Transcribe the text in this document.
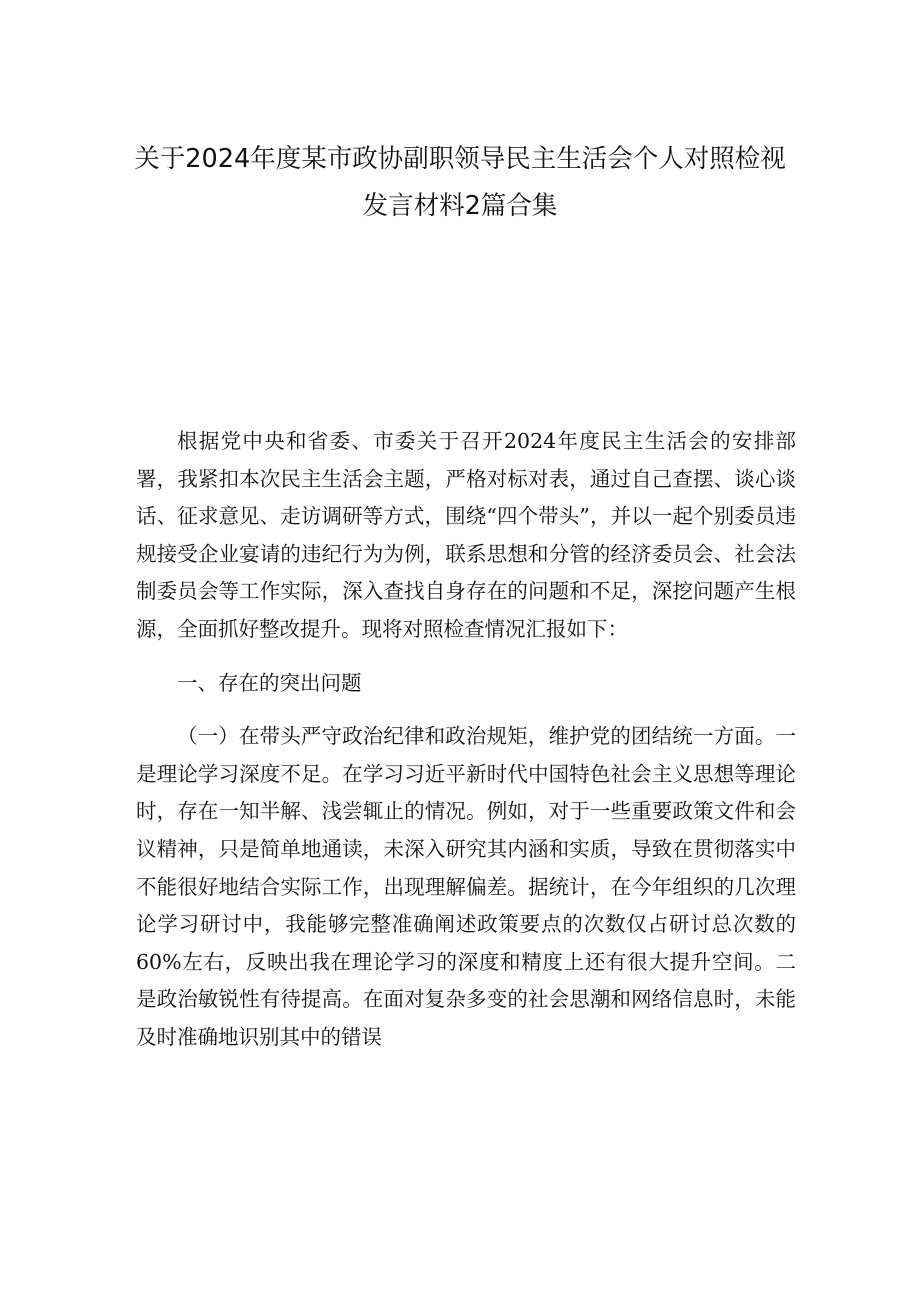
关于2024年度某市政协副职领导民主生活会个人对照检视
发言材料2篇合集

根据党中央和省委、市委关于召开2024年度民主生活会的安排部署，我紧扣本次民主生活会主题，严格对标对表，通过自己查摆、谈心谈话、征求意见、走访调研等方式，围绕“四个带头”，并以一起个别委员违规接受企业宴请的违纪行为为例，联系思想和分管的经济委员会、社会法制委员会等工作实际，深入查找自身存在的问题和不足，深挖问题产生根源，全面抓好整改提升。现将对照检查情况汇报如下：

一、存在的突出问题

（一）在带头严守政治纪律和政治规矩，维护党的团结统一方面。一是理论学习深度不足。在学习习近平新时代中国特色社会主义思想等理论时，存在一知半解、浅尝辄止的情况。例如，对于一些重要政策文件和会议精神，只是简单地通读，未深入研究其内涵和实质，导致在贯彻落实中不能很好地结合实际工作，出现理解偏差。据统计，在今年组织的几次理论学习研讨中，我能够完整准确阐述政策要点的次数仅占研讨总次数的60%左右，反映出我在理论学习的深度和精度上还有很大提升空间。二是政治敏锐性有待提高。在面对复杂多变的社会思潮和网络信息时，未能及时准确地识别其中的错误
